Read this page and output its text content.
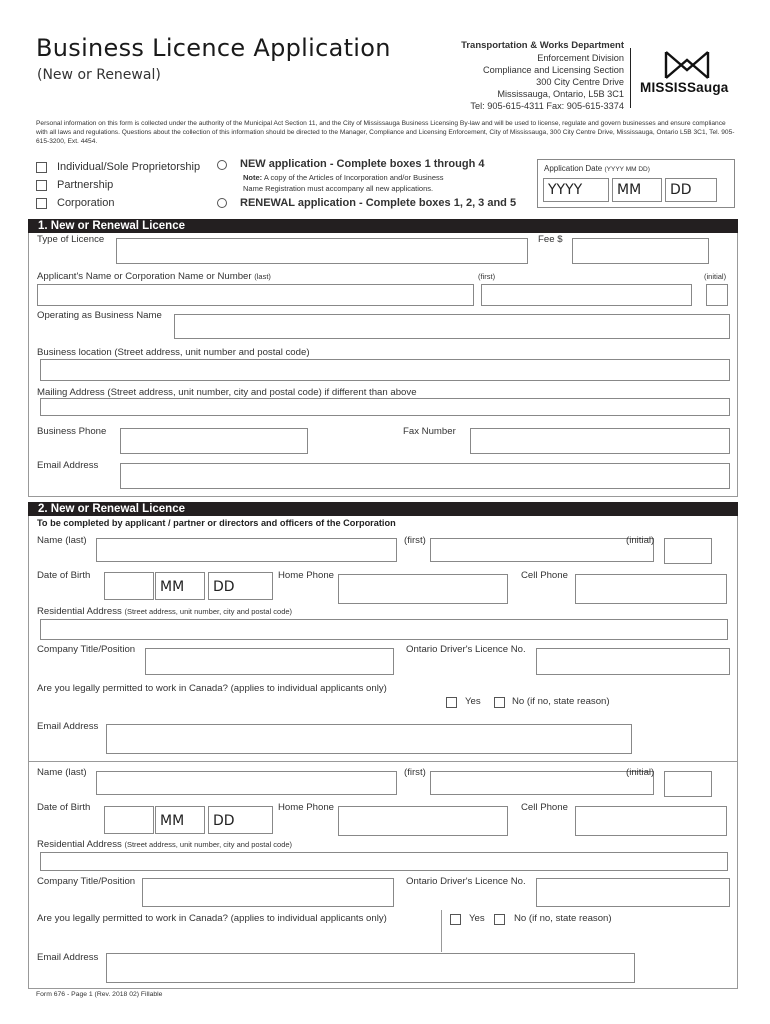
Business Licence Application
(New or Renewal)
Transportation & Works Department
Enforcement Division
Compliance and Licensing Section
300 City Centre Drive
Mississauga, Ontario, L5B 3C1
Tel: 905-615-4311 Fax: 905-615-3374
MISSISSauga
Personal information on this form is collected under the authority of the Municipal Act Section 11, and the City of Mississauga Business Licensing By-law and will be used to license, regulate and govern businesses and ensure compliance with all laws and regulations. Questions about the collection of this information should be directed to the Manager, Compliance and Licensing Enforcement, City of Mississauga, 300 City Centre Drive, Mississauga, Ontario L5B 3C1, Tel. 905-615-3200, Ext. 4454.
Individual/Sole Proprietorship
Partnership
Corporation
NEW application - Complete boxes 1 through 4
Note: A copy of the Articles of Incorporation and/or Business
Name Registration must accompany all new applications.
RENEWAL application - Complete boxes 1, 2, 3 and 5
Application Date (YYYY MM DD)
YYYY	MM	DD
1. New or Renewal Licence
Type of Licence	Fee $
Applicant's Name or Corporation Name or Number (last)	(first)	(initial)
Operating as Business Name
Business location (Street address, unit number and postal code)
Mailing Address (Street address, unit number, city and postal code) if different than above
Business Phone	Fax Number
Email Address
2. New or Renewal Licence
To be completed by applicant / partner or directors and officers of the Corporation
Name (last)	(first)	(initial)
Date of Birth
MM	DD
Home Phone	Cell Phone
Residential Address (Street address, unit number, city and postal code)
Company Title/Position	Ontario Driver's Licence No.
Are you legally permitted to work in Canada? (applies to individual applicants only)
Yes	No (if no, state reason)
Email Address
Name (last)	(first)	(initial)
Date of Birth
MM	DD
Home Phone	Cell Phone
Residential Address (Street address, unit number, city and postal code)
Company Title/Position	Ontario Driver's Licence No.
Are you legally permitted to work in Canada? (applies to individual applicants only)	Yes	No (if no, state reason)
Email Address
Form 676 - Page 1 (Rev. 2018 02) Fillable
